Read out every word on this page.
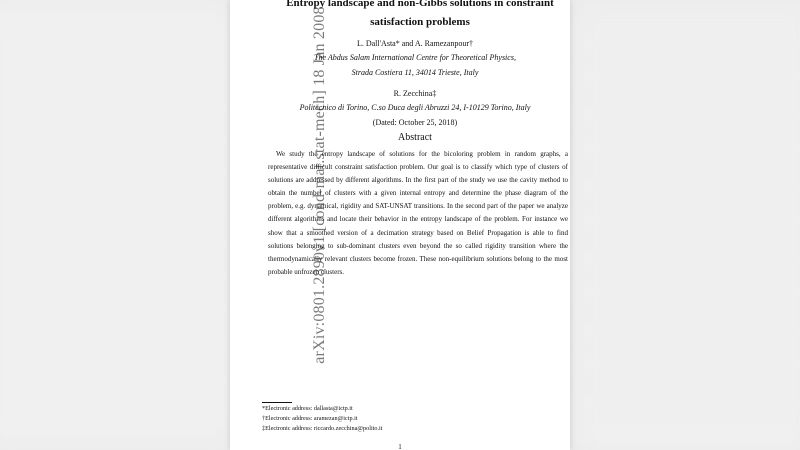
arXiv:0801.2890v1 [cond-mat.stat-mech] 18 Jan 2008
Entropy landscape and non-Gibbs solutions in constraint
satisfaction problems
L. Dall'Asta* and A. Ramezanpour†
The Abdus Salam International Centre for Theoretical Physics,
Strada Costiera 11, 34014 Trieste, Italy
R. Zecchina‡
Politecnico di Torino, C.so Duca degli Abruzzi 24, I-10129 Torino, Italy
(Dated: October 25, 2018)
Abstract
We study the entropy landscape of solutions for the bicoloring problem in random graphs, a representative difficult constraint satisfaction problem. Our goal is to classify which type of clusters of solutions are addressed by different algorithms. In the first part of the study we use the cavity method to obtain the number of clusters with a given internal entropy and determine the phase diagram of the problem, e.g. dynamical, rigidity and SAT-UNSAT transitions. In the second part of the paper we analyze different algorithms and locate their behavior in the entropy landscape of the problem. For instance we show that a smoothed version of a decimation strategy based on Belief Propagation is able to find solutions belonging to sub-dominant clusters even beyond the so called rigidity transition where the thermodynamically relevant clusters become frozen. These non-equilibrium solutions belong to the most probable unfrozen clusters.
*Electronic address: dallasta@ictp.it
†Electronic address: aramezan@ictp.it
‡Electronic address: riccardo.zecchina@polito.it
1
